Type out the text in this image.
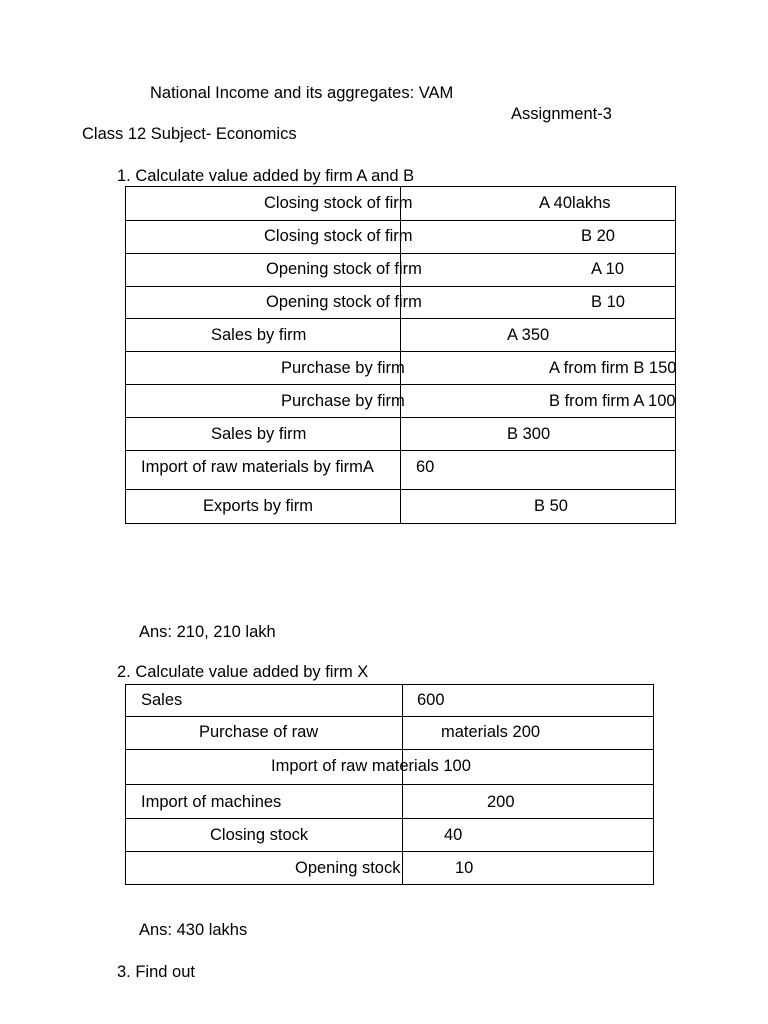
National Income and its aggregates: VAM
Assignment-3
Class 12 Subject- Economics
1. Calculate value added by firm A and B
Closing stock of firm	A 40lakhs
Closing stock of firm	B 20
Opening stock of firm	A 10
Opening stock of firm	B 10
Sales by firm	A 350
Purchase by firm	A from firm B 150
Purchase by firm	B from firm A 100
Sales by firm	B 300
Import of raw materials by firmA	60
Exports by firm	B 50
Ans: 210, 210 lakh
2. Calculate value added by firm X
Sales	600
Purchase of raw	materials 200
Import of raw materials 100
Import of machines	200
Closing stock	40
Opening stock	10
Ans: 430 lakhs
3. Find out
